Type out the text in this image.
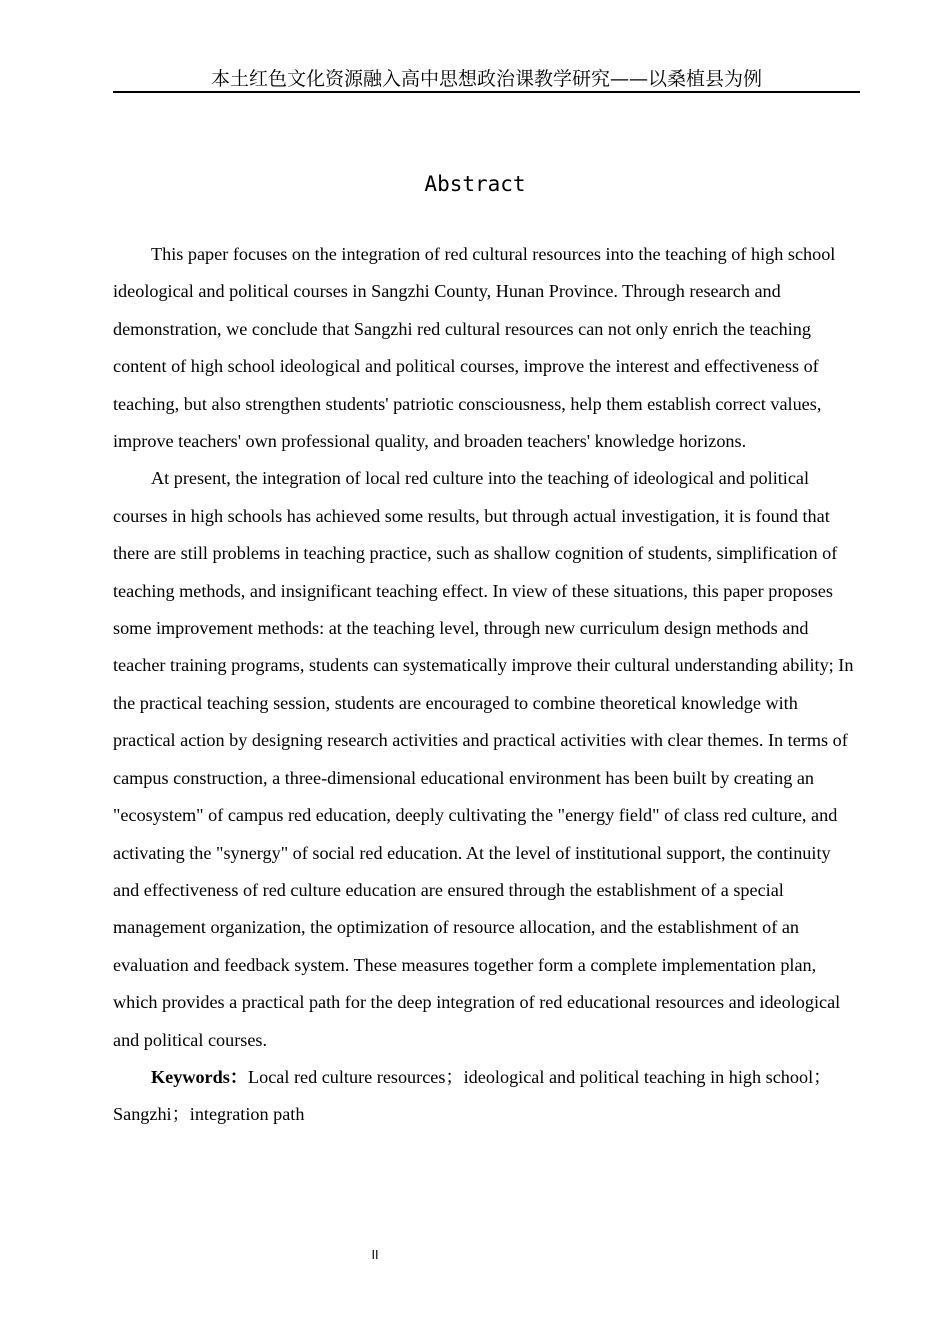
本土红色文化资源融入高中思想政治课教学研究——以桑植县为例
Abstract

This paper focuses on the integration of red cultural resources into the teaching of high school ideological and political courses in Sangzhi County, Hunan Province. Through research and demonstration, we conclude that Sangzhi red cultural resources can not only enrich the teaching content of high school ideological and political courses, improve the interest and effectiveness of teaching, but also strengthen students' patriotic consciousness, help them establish correct values, improve teachers' own professional quality, and broaden teachers' knowledge horizons.

At present, the integration of local red culture into the teaching of ideological and political courses in high schools has achieved some results, but through actual investigation, it is found that there are still problems in teaching practice, such as shallow cognition of students, simplification of teaching methods, and insignificant teaching effect. In view of these situations, this paper proposes some improvement methods: at the teaching level, through new curriculum design methods and teacher training programs, students can systematically improve their cultural understanding ability; In the practical teaching session, students are encouraged to combine theoretical knowledge with practical action by designing research activities and practical activities with clear themes. In terms of campus construction, a three-dimensional educational environment has been built by creating an "ecosystem" of campus red education, deeply cultivating the "energy field" of class red culture, and activating the "synergy" of social red education. At the level of institutional support, the continuity and effectiveness of red culture education are ensured through the establishment of a special management organization, the optimization of resource allocation, and the establishment of an evaluation and feedback system. These measures together form a complete implementation plan, which provides a practical path for the deep integration of red educational resources and ideological and political courses.

Keywords：Local red culture resources；ideological and political teaching in high school；Sangzhi；integration path

II
